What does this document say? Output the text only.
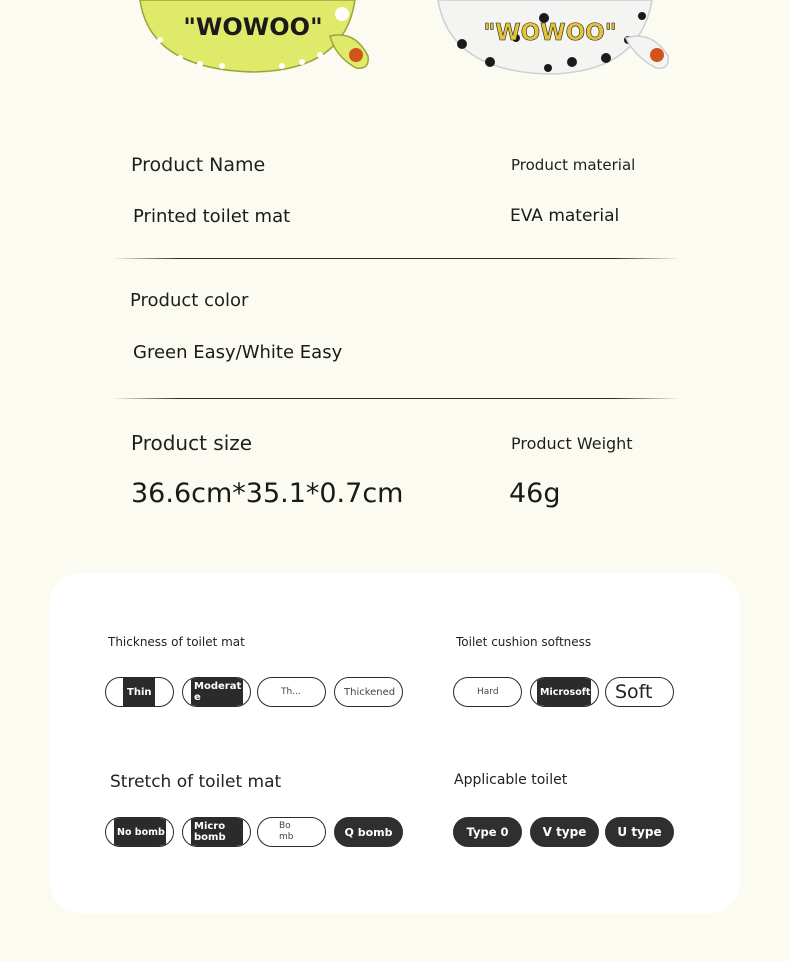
"WOWOO"	"WOWOO"
Product Name
Printed toilet mat
Product material
EVA material
Product color
Green Easy/White Easy
Product size
36.6cm*35.1*0.7cm
Product Weight
46g
Thickness of toilet mat
Thin	Moderate
Th...	Thickened
Toilet cushion softness
Hard	Microsoft Soft
Stretch of toilet mat
No bomb	Micro bomb
Bomb	Q bomb
Applicable toilet
Type 0	V type	U type
